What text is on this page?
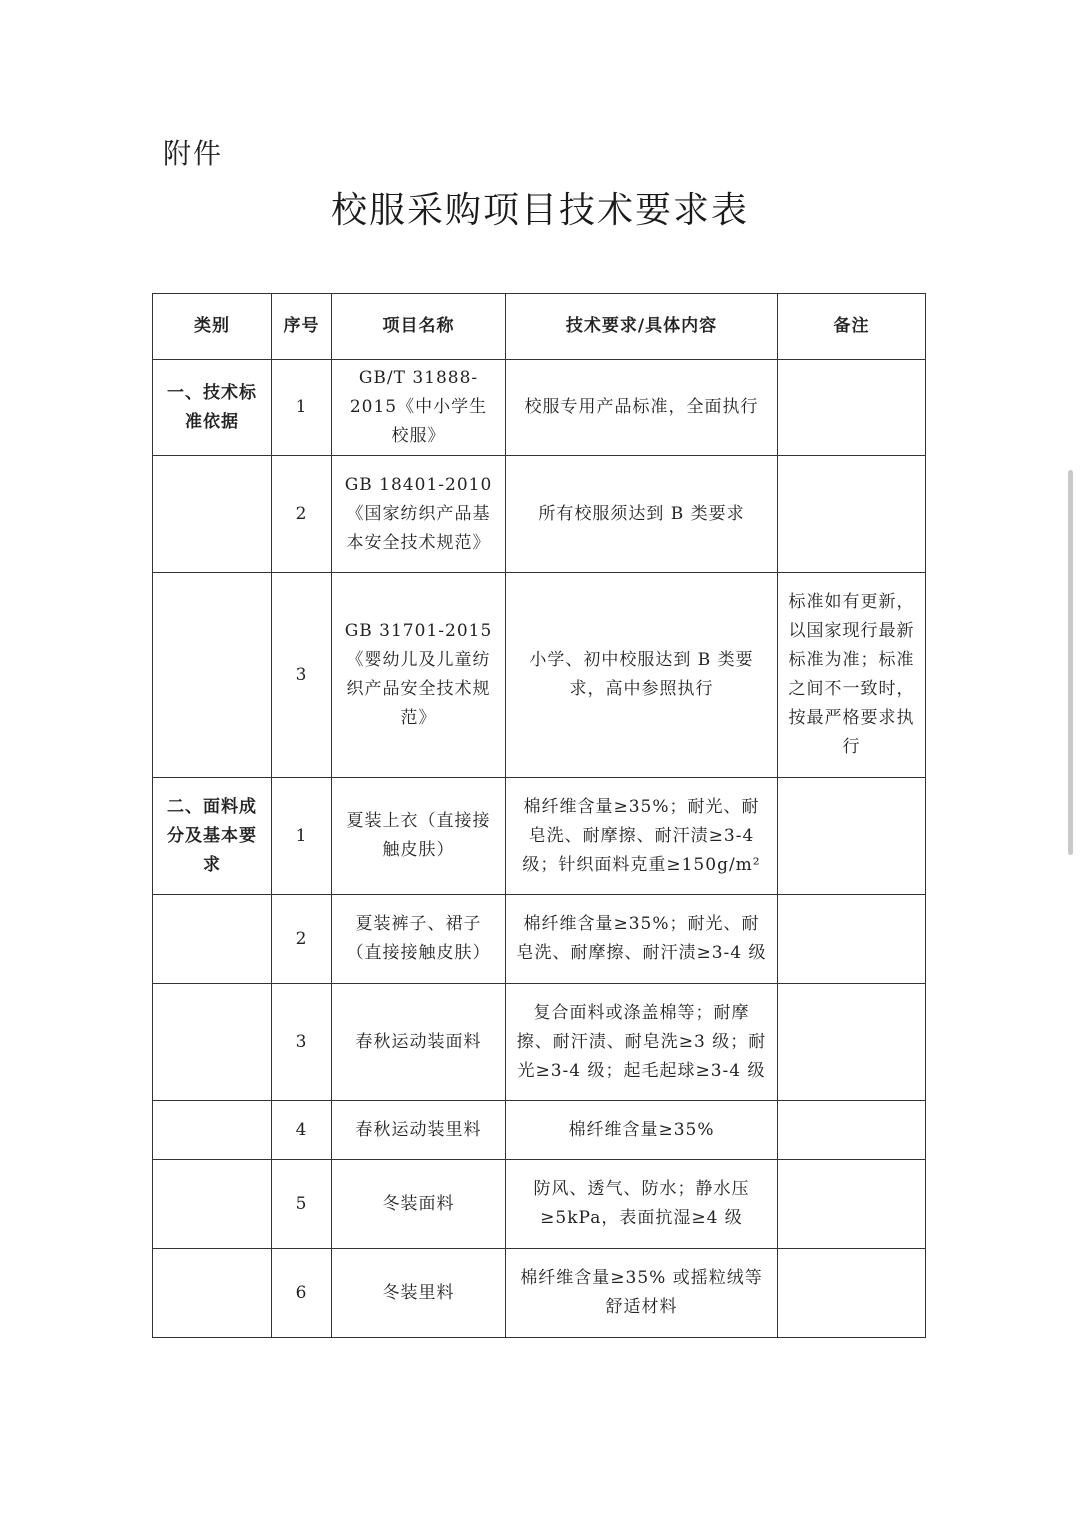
附件
校服采购项目技术要求表
类别	序号	项目名称	技术要求/具体内容	备注
一、技术标准依据	1	GB/T 31888-2015《中小学生校服》	校服专用产品标准，全面执行	
	2	GB 18401-2010《国家纺织产品基本安全技术规范》	所有校服须达到 B 类要求	
	3	GB 31701-2015《婴幼儿及儿童纺织产品安全技术规范》	小学、初中校服达到 B 类要求，高中参照执行	标准如有更新，以国家现行最新标准为准；标准之间不一致时，按最严格要求执行
二、面料成分及基本要求	1	夏装上衣（直接接触皮肤）	棉纤维含量≥35%；耐光、耐皂洗、耐摩擦、耐汗渍≥3-4 级；针织面料克重≥150g/m²	
	2	夏装裤子、裙子（直接接触皮肤）	棉纤维含量≥35%；耐光、耐皂洗、耐摩擦、耐汗渍≥3-4 级	
	3	春秋运动装面料	复合面料或涤盖棉等；耐摩擦、耐汗渍、耐皂洗≥3 级；耐光≥3-4 级；起毛起球≥3-4 级	
	4	春秋运动装里料	棉纤维含量≥35%	
	5	冬装面料	防风、透气、防水；静水压≥5kPa，表面抗湿≥4 级	
	6	冬装里料	棉纤维含量≥35% 或摇粒绒等舒适材料	
